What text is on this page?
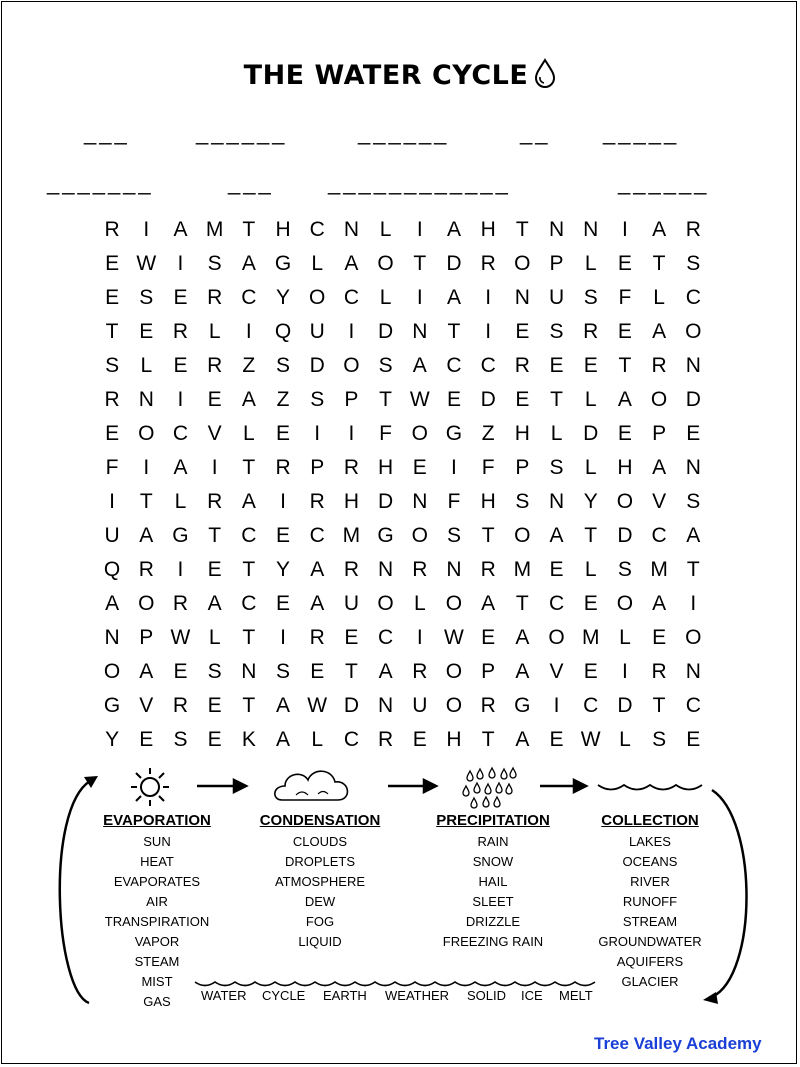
THE WATER CYCLE
___	______	______	__ _____
_______	___ ____________	______
R	I	A M T H C N L	I	A H T N N	I	A R
E W	I	S A G L	A O T D R O P	L	E T S
E S E R C Y O C L	I	A	I	N U S F	L C
T E R L	I	Q U	I	D N T	I	E S R E A O
S	L	E R Z S D O S A C C R E E T R N
R N	I	E A Z S P T W E D E T	L	A O D
E O C V	L	E	I	I	F O G Z H L D E P E
F	I	A	I	T R P R H E	I	F P S	L H A N
I	T	L R A	I	R H D N F H S N Y O V S
U A G T C E C M G O S T O A T D C A
Q R	I	E T Y A R N R N R M E	L	S M T
A O R A C E A U O L O A T C E O A	I
N P W L	T	I	R E C	I	W E A O M L	E O
O A E S N S E T A R O P A V E	I	R N
G V R E T A W D N U O R G	I	C D T C
Y E S E K A	L C R E H T A E W L	S E
EVAPORATION
SUN
HEAT
EVAPORATES
AIR
TRANSPIRATION
VAPOR
STEAM
MIST
GAS
CONDENSATION
CLOUDS
DROPLETS
ATMOSPHERE
DEW
FOG
LIQUID
PRECIPITATION
RAIN
SNOW
HAIL
SLEET
DRIZZLE
FREEZING RAIN
COLLECTION
LAKES
OCEANS
RIVER
RUNOFF
STREAM
GROUNDWATER
AQUIFERS
GLACIER
WATER CYCLE EARTH WEATHER SOLID ICE MELT
Tree Valley Academy
